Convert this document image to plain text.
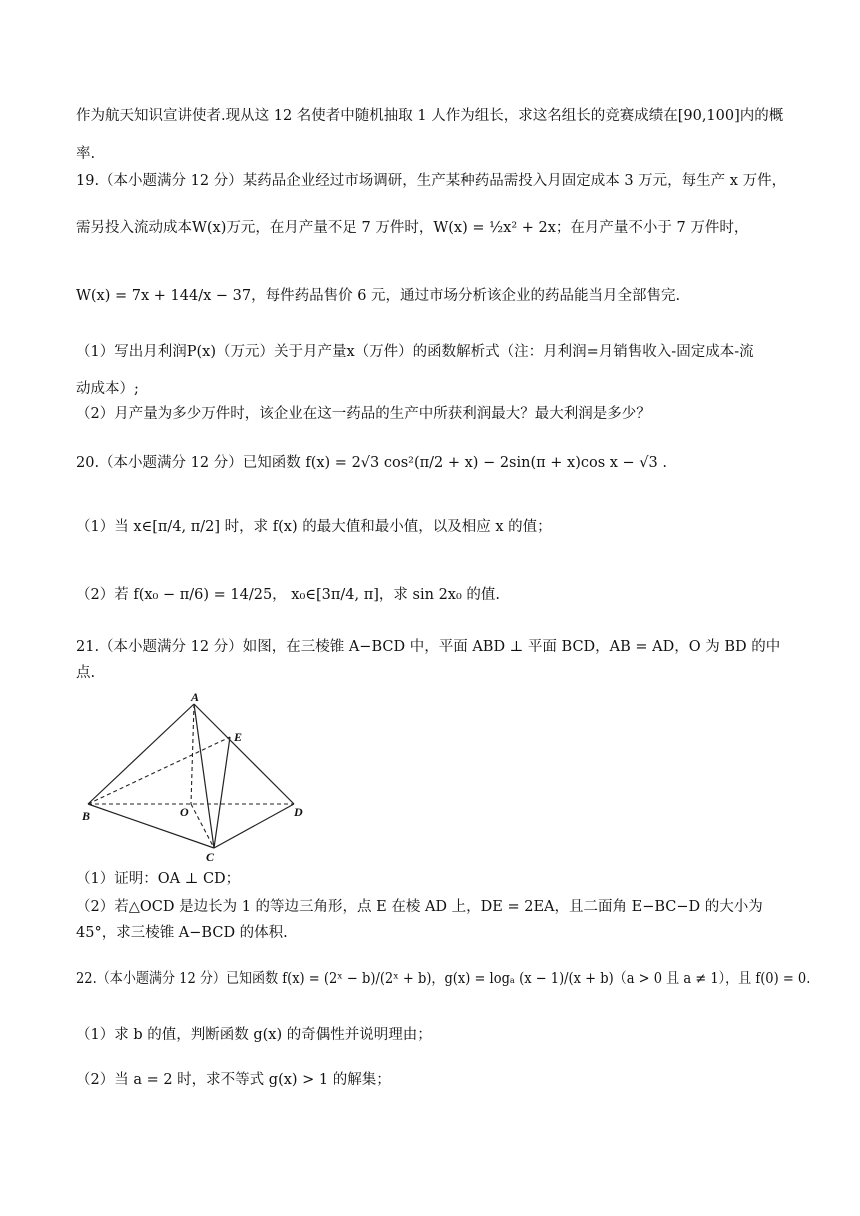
作为航天知识宣讲使者.现从这 12 名使者中随机抽取 1 人作为组长，求这名组长的竞赛成绩在[90,100]内的概
率.
19.（本小题满分 12 分）某药品企业经过市场调研，生产某种药品需投入月固定成本 3 万元，每生产 x 万件，
需另投入流动成本W(x)万元，在月产量不足 7 万件时，W(x) = ½x² + 2x；在月产量不小于 7 万件时，
W(x) = 7x + 144/x − 37，每件药品售价 6 元，通过市场分析该企业的药品能当月全部售完.
（1）写出月利润P(x)（万元）关于月产量x（万件）的函数解析式（注：月利润=月销售收入-固定成本-流
动成本）;
（2）月产量为多少万件时，该企业在这一药品的生产中所获利润最大？最大利润是多少？
20.（本小题满分 12 分）已知函数 f(x) = 2√3 cos²(π/2 + x) − 2sin(π + x)cos x − √3 .
（1）当 x∈[π/4, π/2] 时，求 f(x) 的最大值和最小值，以及相应 x 的值；
（2）若 f(x₀ − π/6) = 14/25， x₀∈[3π/4, π]，求 sin 2x₀ 的值.
21.（本小题满分 12 分）如图，在三棱锥 A−BCD 中，平面 ABD ⊥ 平面 BCD，AB = AD，O 为 BD 的中
点.
A
E
B	O	D
C
（1）证明：OA ⊥ CD；
（2）若△OCD 是边长为 1 的等边三角形，点 E 在棱 AD 上，DE = 2EA，且二面角 E−BC−D 的大小为
45°，求三棱锥 A−BCD 的体积.
22.（本小题满分 12 分）已知函数 f(x) = (2ˣ − b)/(2ˣ + b)，g(x) = logₐ (x − 1)/(x + b)（a > 0 且 a ≠ 1），且 f(0) = 0.
（1）求 b 的值，判断函数 g(x) 的奇偶性并说明理由；
（2）当 a = 2 时，求不等式 g(x) > 1 的解集；
